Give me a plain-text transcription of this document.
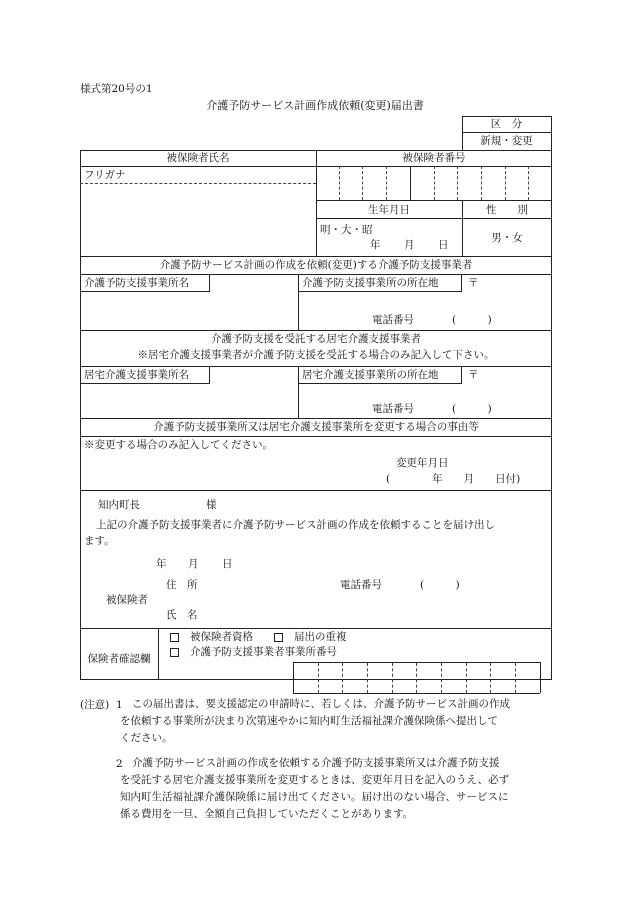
様式第20号の1
介護予防サービス計画作成依頼(変更)届出書
区　分
新規・変更
被保険者氏名	被保険者番号
フリガナ
生年月日	性　　別
明・大・昭
年 月 日
男・女
介護予防サービス計画の作成を依頼(変更)する介護予防支援事業者
介護予防支援事業所名	介護予防支援事業所の所在地	〒
電話番号	(　　　)
介護予防支援を受託する居宅介護支援事業者
※居宅介護支援事業者が介護予防支援を受託する場合のみ記入して下さい。
居宅介護支援事業所名	居宅介護支援事業所の所在地	〒
電話番号	(　　　)
介護予防支援事業所又は居宅介護支援事業所を変更する場合の事由等
※変更する場合のみ記入してください。
変更年月日
(　　　　年　　月　　日付)
知内町長	様
上記の介護予防支援事業者に介護予防サービス計画の作成を依頼することを届け出し
ます。
年 月 日
住　所	電話番号	(　　　)
被保険者
氏　名
保険者確認欄
被保険者資格	届出の重複
介護予防支援事業者事業所番号
(注意) 1 この届出書は、要支援認定の申請時に、若しくは、介護予防サービス計画の作成
を依頼する事業所が決まり次第速やかに知内町生活福祉課介護保険係へ提出して
ください。
2 介護予防サービス計画の作成を依頼する介護予防支援事業所又は介護予防支援
を受託する居宅介護支援事業所を変更するときは、変更年月日を記入のうえ、必ず
知内町生活福祉課介護保険係に届け出てください。届け出のない場合、サービスに
係る費用を一旦、全額自己負担していただくことがあります。
